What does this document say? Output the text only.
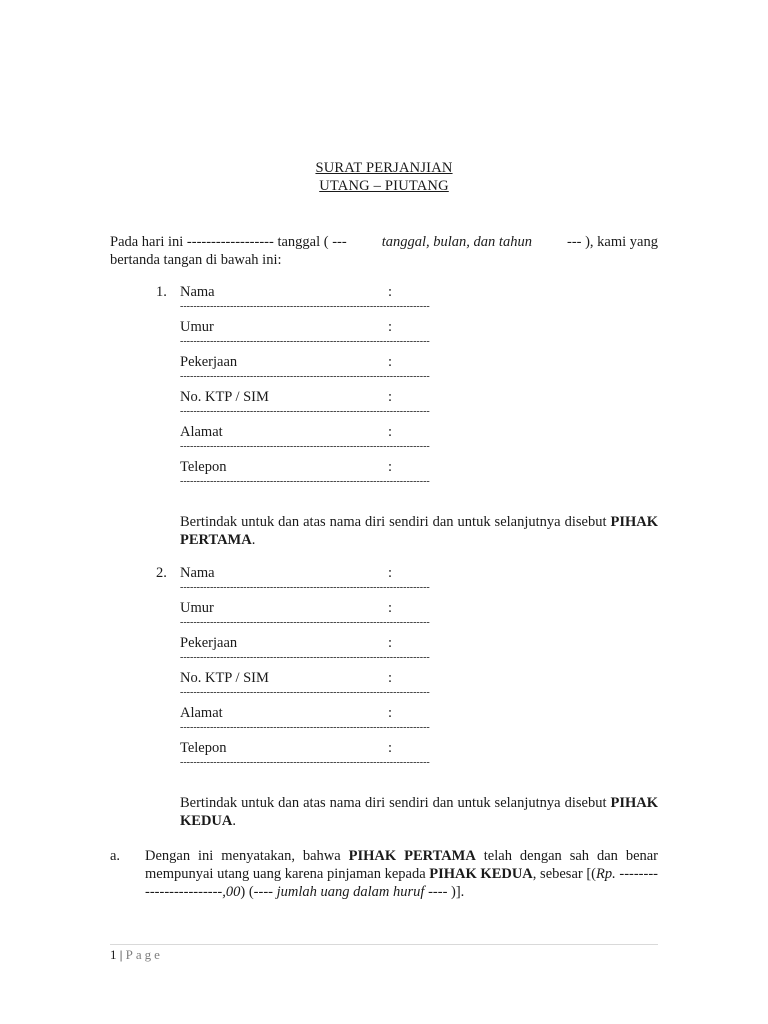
SURAT PERJANJIAN
UTANG – PIUTANG
Pada hari ini ------------------ tanggal ( --- tanggal, bulan, dan tahun --- ), kami yang
bertanda tangan di bawah ini:
1. Nama	:
---------------------------------------------------------------------------
Umur	:
---------------------------------------------------------------------------
Pekerjaan	:
---------------------------------------------------------------------------
No. KTP / SIM	:
---------------------------------------------------------------------------
Alamat	:
---------------------------------------------------------------------------
Telepon	:
---------------------------------------------------------------------------
Bertindak untuk dan atas nama diri sendiri dan untuk selanjutnya disebut PIHAK PERTAMA.
2. Nama	:
---------------------------------------------------------------------------
Umur	:
---------------------------------------------------------------------------
Pekerjaan	:
---------------------------------------------------------------------------
No. KTP / SIM	:
---------------------------------------------------------------------------
Alamat	:
---------------------------------------------------------------------------
Telepon	:
---------------------------------------------------------------------------
Bertindak untuk dan atas nama diri sendiri dan untuk selanjutnya disebut PIHAK KEDUA.
a. Dengan ini menyatakan, bahwa PIHAK PERTAMA telah dengan sah dan benar mempunyai utang uang karena pinjaman kepada PIHAK KEDUA, sebesar [(Rp. ------------------------,00) (---- jumlah uang dalam huruf ---- )].
1 | Page
